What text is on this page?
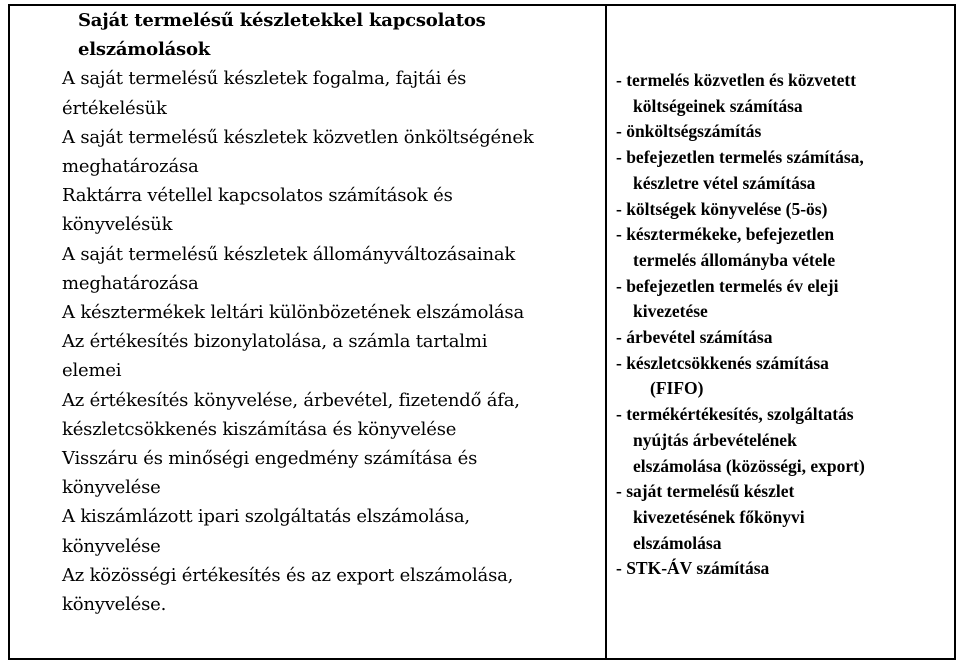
Saját termelésű készletekkel kapcsolatos
elszámolások
A saját termelésű készletek fogalma, fajtái és
értékelésük
A saját termelésű készletek közvetlen önköltségének
meghatározása
Raktárra vétellel kapcsolatos számítások és
könyvelésük
A saját termelésű készletek állományváltozásainak
meghatározása
A késztermékek leltári különbözetének elszámolása
Az értékesítés bizonylatolása, a számla tartalmi
elemei
Az értékesítés könyvelése, árbevétel, fizetendő áfa,
készletcsökkenés kiszámítása és könyvelése
Visszáru és minőségi engedmény számítása és
könyvelése
A kiszámlázott ipari szolgáltatás elszámolása,
könyvelése
Az közösségi értékesítés és az export elszámolása,
könyvelése.
- termelés közvetlen és közvetett
költségeinek számítása
- önköltségszámítás
- befejezetlen termelés számítása,
készletre vétel számítása
- költségek könyvelése (5-ös)
- késztermékeke, befejezetlen
termelés állományba vétele
- befejezetlen termelés év eleji
kivezetése
- árbevétel számítása
- készletcsökkenés számítása
(FIFO)
- termékértékesítés, szolgáltatás
nyújtás árbevételének
elszámolása (közösségi, export)
- saját termelésű készlet
kivezetésének főkönyvi
elszámolása
- STK-ÁV számítása
